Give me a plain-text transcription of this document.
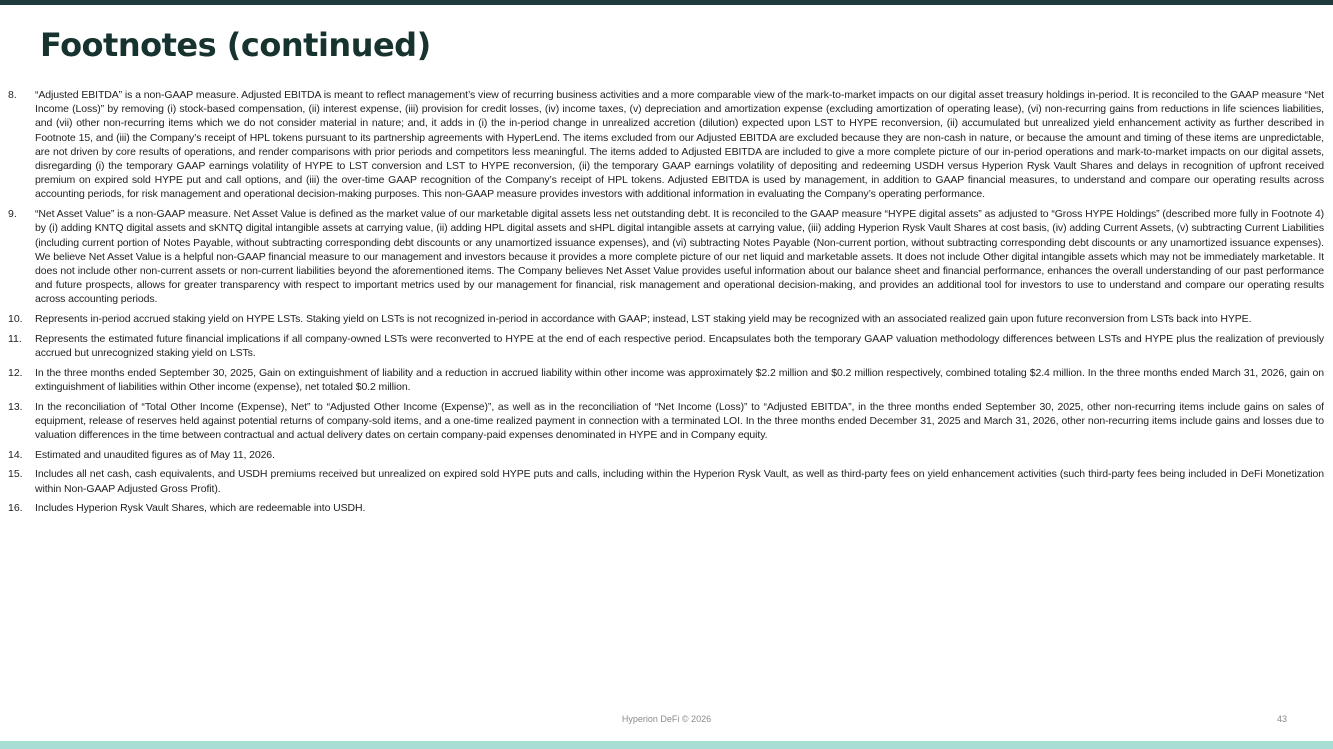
Footnotes (continued)
8.	“Adjusted EBITDA” is a non-GAAP measure. Adjusted EBITDA is meant to reflect management’s view of recurring business activities and a more comparable view of the mark-to-market impacts on our digital asset treasury holdings in-period. It is reconciled to the GAAP measure “Net Income (Loss)” by removing (i) stock-based compensation, (ii) interest expense, (iii) provision for credit losses, (iv) income taxes, (v) depreciation and amortization expense (excluding amortization of operating lease), (vi) non-recurring gains from reductions in life sciences liabilities, and (vii) other non-recurring items which we do not consider material in nature; and, it adds in (i) the in-period change in unrealized accretion (dilution) expected upon LST to HYPE reconversion, (ii) accumulated but unrealized yield enhancement activity as further described in Footnote 15, and (iii) the Company’s receipt of HPL tokens pursuant to its partnership agreements with HyperLend. The items excluded from our Adjusted EBITDA are excluded because they are non-cash in nature, or because the amount and timing of these items are unpredictable, are not driven by core results of operations, and render comparisons with prior periods and competitors less meaningful. The items added to Adjusted EBITDA are included to give a more complete picture of our in-period operations and mark-to-market impacts on our digital assets, disregarding (i) the temporary GAAP earnings volatility of HYPE to LST conversion and LST to HYPE reconversion, (ii) the temporary GAAP earnings volatility of depositing and redeeming USDH versus Hyperion Rysk Vault Shares and delays in recognition of upfront received premium on expired sold HYPE put and call options, and (iii) the over-time GAAP recognition of the Company’s receipt of HPL tokens. Adjusted EBITDA is used by management, in addition to GAAP financial measures, to understand and compare our operating results across accounting periods, for risk management and operational decision-making purposes. This non-GAAP measure provides investors with additional information in evaluating the Company’s operating performance.
9.	“Net Asset Value” is a non-GAAP measure. Net Asset Value is defined as the market value of our marketable digital assets less net outstanding debt. It is reconciled to the GAAP measure “HYPE digital assets” as adjusted to “Gross HYPE Holdings” (described more fully in Footnote 4) by (i) adding KNTQ digital assets and sKNTQ digital intangible assets at carrying value, (ii) adding HPL digital assets and sHPL digital intangible assets at carrying value, (iii) adding Hyperion Rysk Vault Shares at cost basis, (iv) adding Current Assets, (v) subtracting Current Liabilities (including current portion of Notes Payable, without subtracting corresponding debt discounts or any unamortized issuance expenses), and (vi) subtracting Notes Payable (Non-current portion, without subtracting corresponding debt discounts or any unamortized issuance expenses). We believe Net Asset Value is a helpful non-GAAP financial measure to our management and investors because it provides a more complete picture of our net liquid and marketable assets. It does not include Other digital intangible assets which may not be immediately marketable. It does not include other non-current assets or non-current liabilities beyond the aforementioned items. The Company believes Net Asset Value provides useful information about our balance sheet and financial performance, enhances the overall understanding of our past performance and future prospects, allows for greater transparency with respect to important metrics used by our management for financial, risk management and operational decision-making, and provides an additional tool for investors to use to understand and compare our operating results across accounting periods.
10.	Represents in-period accrued staking yield on HYPE LSTs. Staking yield on LSTs is not recognized in-period in accordance with GAAP; instead, LST staking yield may be recognized with an associated realized gain upon future reconversion from LSTs back into HYPE.
11.	Represents the estimated future financial implications if all company-owned LSTs were reconverted to HYPE at the end of each respective period. Encapsulates both the temporary GAAP valuation methodology differences between LSTs and HYPE plus the realization of previously accrued but unrecognized staking yield on LSTs.
12.	In the three months ended September 30, 2025, Gain on extinguishment of liability and a reduction in accrued liability within other income was approximately $2.2 million and $0.2 million respectively, combined totaling $2.4 million. In the three months ended March 31, 2026, gain on extinguishment of liabilities within Other income (expense), net totaled $0.2 million.
13.	In the reconciliation of “Total Other Income (Expense), Net” to “Adjusted Other Income (Expense)”, as well as in the reconciliation of “Net Income (Loss)” to “Adjusted EBITDA”, in the three months ended September 30, 2025, other non-recurring items include gains on sales of equipment, release of reserves held against potential returns of company-sold items, and a one-time realized payment in connection with a terminated LOI. In the three months ended December 31, 2025 and March 31, 2026, other non-recurring items include gains and losses due to valuation differences in the time between contractual and actual delivery dates on certain company-paid expenses denominated in HYPE and in Company equity.
14.	Estimated and unaudited figures as of May 11, 2026.
15.	Includes all net cash, cash equivalents, and USDH premiums received but unrealized on expired sold HYPE puts and calls, including within the Hyperion Rysk Vault, as well as third-party fees on yield enhancement activities (such third-party fees being included in DeFi Monetization within Non-GAAP Adjusted Gross Profit).
16.	Includes Hyperion Rysk Vault Shares, which are redeemable into USDH.
Hyperion DeFi © 2026	43
